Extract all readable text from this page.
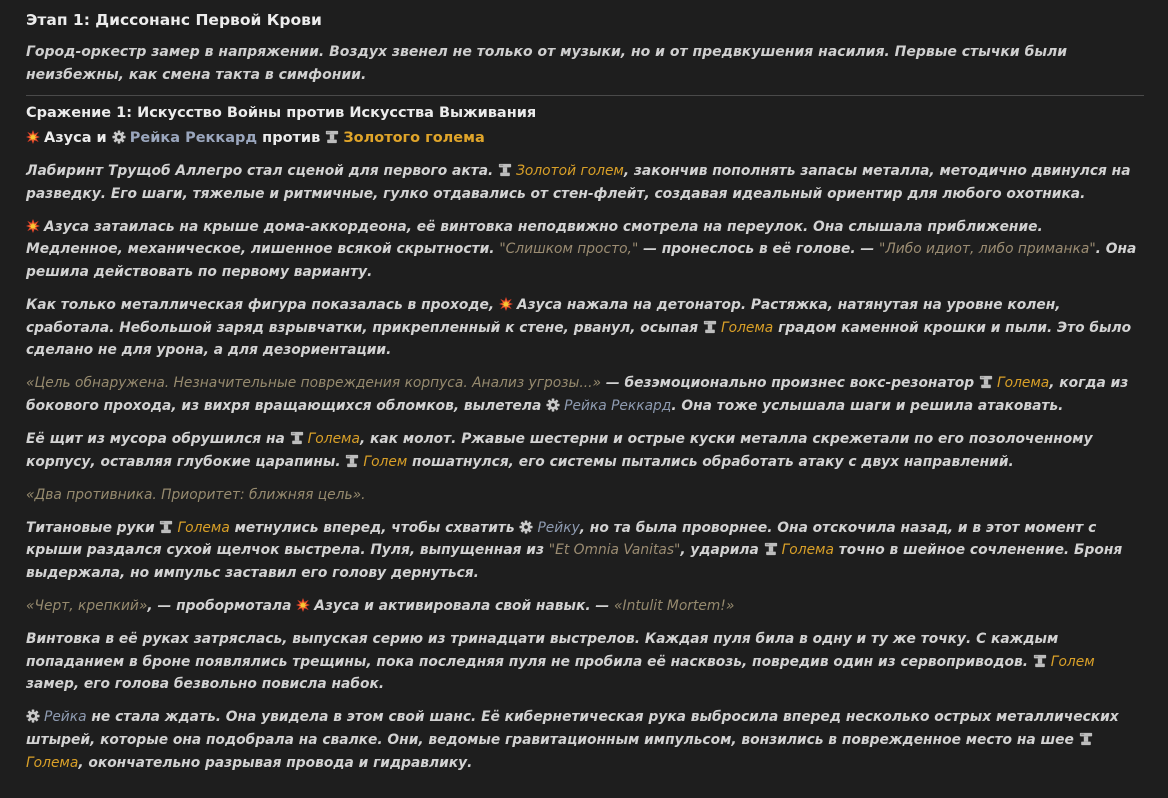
Этап 1: Диссонанс Первой Крови

Город-оркестр замер в напряжении. Воздух звенел не только от музыки, но и от предвкушения насилия. Первые стычки были неизбежны, как смена такта в симфонии.

Сражение 1: Искусство Войны против Искусства Выживания
Азуса и Рейка Реккард против Золотого голема

Лабиринт Трущоб Аллегро стал сценой для первого акта. Золотой голем, закончив пополнять запасы металла, методично двинулся на разведку. Его шаги, тяжелые и ритмичные, гулко отдавались от стен-флейт, создавая идеальный ориентир для любого охотника.

Азуса затаилась на крыше дома-аккордеона, её винтовка неподвижно смотрела на переулок. Она слышала приближение. Медленное, механическое, лишенное всякой скрытности. "Слишком просто," — пронеслось в её голове. — "Либо идиот, либо приманка". Она решила действовать по первому варианту.

Как только металлическая фигура показалась в проходе, Азуса нажала на детонатор. Растяжка, натянутая на уровне колен, сработала. Небольшой заряд взрывчатки, прикрепленный к стене, рванул, осыпая Голема градом каменной крошки и пыли. Это было сделано не для урона, а для дезориентации.

«Цель обнаружена. Незначительные повреждения корпуса. Анализ угрозы...» — безэмоционально произнес вокс-резонатор Голема, когда из бокового прохода, из вихря вращающихся обломков, вылетела Рейка Реккард. Она тоже услышала шаги и решила атаковать.

Её щит из мусора обрушился на Голема, как молот. Ржавые шестерни и острые куски металла скрежетали по его позолоченному корпусу, оставляя глубокие царапины. Голем пошатнулся, его системы пытались обработать атаку с двух направлений.

«Два противника. Приоритет: ближняя цель».

Титановые руки Голема метнулись вперед, чтобы схватить Рейку, но та была проворнее. Она отскочила назад, и в этот момент с крыши раздался сухой щелчок выстрела. Пуля, выпущенная из "Et Omnia Vanitas", ударила Голема точно в шейное сочленение. Броня выдержала, но импульс заставил его голову дернуться.

«Черт, крепкий», — пробормотала Азуса и активировала свой навык. — «Intulit Mortem!»

Винтовка в её руках затряслась, выпуская серию из тринадцати выстрелов. Каждая пуля била в одну и ту же точку. С каждым попаданием в броне появлялись трещины, пока последняя пуля не пробила её насквозь, повредив один из сервоприводов. Голем замер, его голова безвольно повисла набок.

Рейка не стала ждать. Она увидела в этом свой шанс. Её кибернетическая рука выбросила вперед несколько острых металлических штырей, которые она подобрала на свалке. Они, ведомые гравитационным импульсом, вонзились в поврежденное место на шее
Голема, окончательно разрывая провода и гидравлику.
